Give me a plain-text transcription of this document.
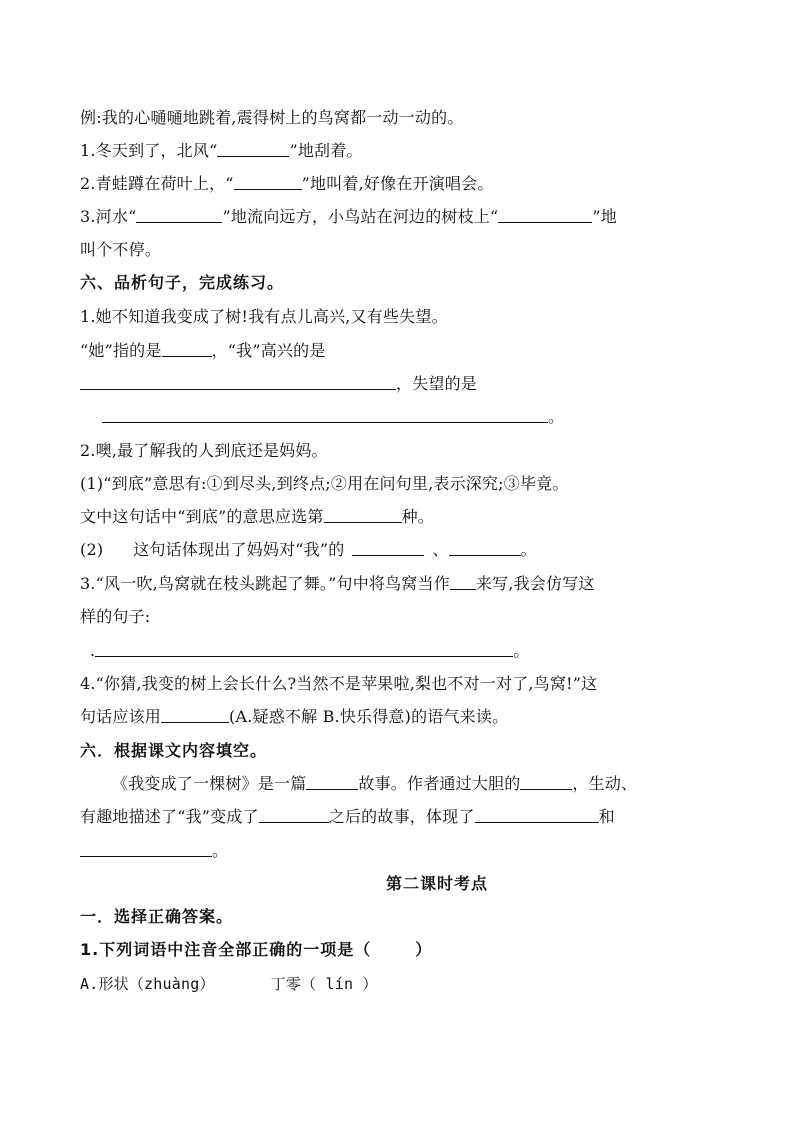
例:我的心嗵嗵地跳着,震得树上的鸟窝都一动一动的。
1.冬天到了，北风“	”地刮着。
2.青蛙蹲在荷叶上，“	”地叫着,好像在开演唱会。
3.河水“	”地流向远方，小鸟站在河边的树枝上“	”地
叫个不停。
六、品析句子，完成练习。
1.她不知道我变成了树!我有点儿高兴,又有些失望。
“她”指的是	，“我”高兴的是
，失望的是
。
2.噢,最了解我的人到底还是妈妈。
(1)“到底”意思有:①到尽头,到终点;②用在问句里,表示深究;③毕竟。
文中这句话中“到底”的意思应选第	种。
(2) 这句话体现出了妈妈对“我”的	、	。
3.“风一吹,鸟窝就在枝头跳起了舞。”句中将鸟窝当作 来写,我会仿写这
样的句子:
.	。
4.“你猜,我变的树上会长什么?当然不是苹果啦,梨也不对一对了,鸟窝!”这
句话应该用	(A.疑惑不解 B.快乐得意)的语气来读。
六．根据课文内容填空。
《我变成了一棵树》是一篇	故事。作者通过大胆的	，生动、
有趣地描述了“我”变成了	之后的故事，体现了	和
。
第二课时考点
一．选择正确答案。
1.下列词语中注音全部正确的一项是（	）
A.形状（zhuàng）	丁零（ lín ）
